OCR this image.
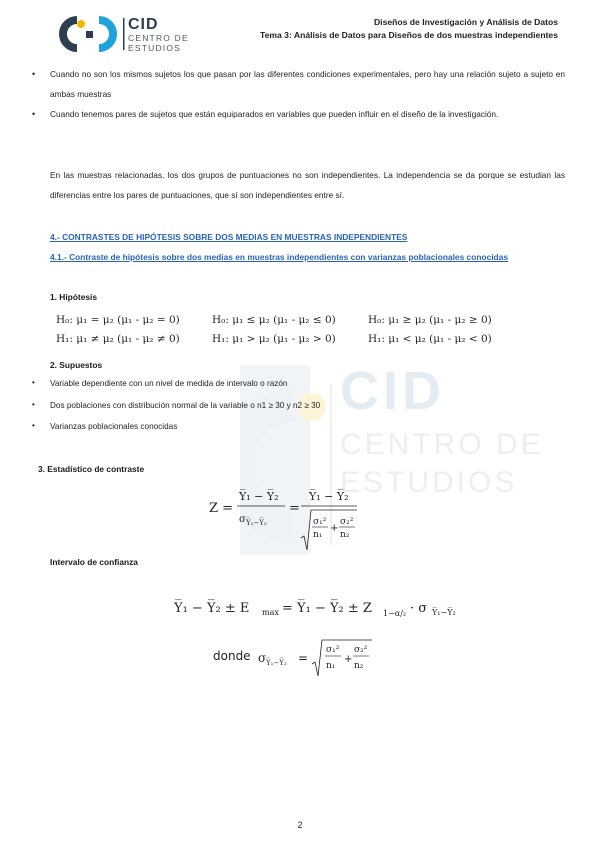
CID
CENTRO DE
ESTUDIOS
CID
CENTRO DE
ESTUDIOS
Diseños de Investigación y Análisis de Datos
Tema 3: Análisis de Datos para Diseños de dos muestras independientes
• Cuando no son los mismos sujetos los que pasan por las diferentes condiciones experimentales, pero hay una relación sujeto a sujeto en ambas muestras
• Cuando tenemos pares de sujetos que están equiparados en variables que pueden influir en el diseño de la investigación.
En las muestras relacionadas, los dos grupos de puntuaciones no son independientes. La independencia se da porque se estudian las diferencias entre los pares de puntuaciones, que sí son independientes entre sí.
4.- CONTRASTES DE HIPÓTESIS SOBRE DOS MEDIAS EN MUESTRAS INDEPENDIENTES
4.1.- Contraste de hipótesis sobre dos medias en muestras independientes con varianzas poblacionales conocidas
1. Hipótesis
H₀: μ₁ = μ₂ (μ₁ - μ₂ = 0)	H₀: μ₁ ≤ μ₂ (μ₁ - μ₂ ≤ 0)	H₀: μ₁ ≥ μ₂ (μ₁ - μ₂ ≥ 0)
H₁: μ₁ ≠ μ₂ (μ₁ - μ₂ ≠ 0)	H₁: μ₁ > μ₂ (μ₁ - μ₂ > 0)	H₁: μ₁ < μ₂ (μ₁ - μ₂ < 0)
2. Supuestos
• Variable dependiente con un nivel de medida de intervalo o razón
• Dos poblaciones con distribución normal de la variable o n1 ≥ 30 y n2 ≥ 30
• Varianzas poblacionales conocidas
3. Estadístico de contraste
Z =
Y̅₁ − Y̅₂
σ Y̅₁−Y̅₂
=
Y̅₁ − Y̅₂
σ₁²
n₁
+
σ₂²
n₂
Intervalo de confianza
Y̅₁ − Y̅₂ ± E max = Y̅₁ − Y̅₂ ± Z 1−α/₂ · σ Y̅₁−Y̅₂
donde σ Y̅₁−Y̅₂ =
σ₁²
n₁
+
σ₂²
n₂
2
